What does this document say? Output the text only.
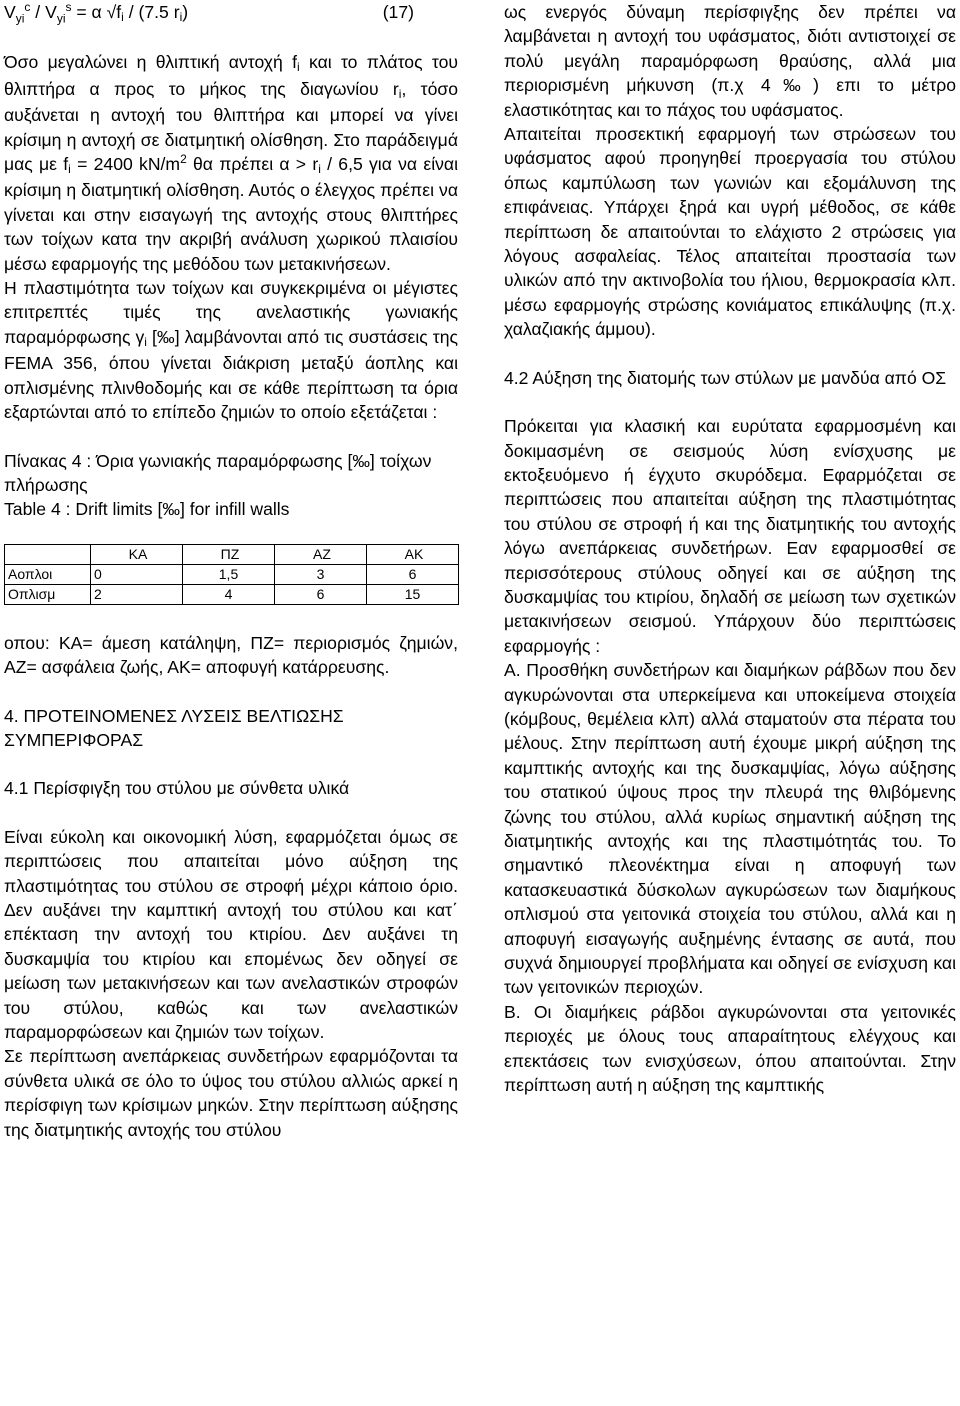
$V_{yi}^c / V_{yi}^s = \alpha$ √fi / (7.5 ri)	(17)

Όσο μεγαλώνει η θλιπτική αντοχή fi και το πλάτος του θλιπτήρα α προς το μήκος της διαγωνίου ri, τόσο αυξάνεται η αντοχή του θλιπτήρα και μπορεί να γίνει κρίσιμη η αντοχή σε διατμητική ολίσθηση. Στο παράδειγμά μας με fi = 2400 $kN/m^2$ θα πρέπει α > ri / 6,5 για να είναι κρίσιμη η διατμητική ολίσθηση. Αυτός ο έλεγχος πρέπει να γίνεται και στην εισαγωγή της αντοχής στους θλιπτήρες των τοίχων κατα την ακριβή ανάλυση χωρικού πλαισίου μέσω εφαρμογής της μεθόδου των μετακινήσεων.

Η πλαστιμότητα των τοίχων και συγκεκριμένα οι μέγιστες επιτρεπτές τιμές της ανελαστικής γωνιακής παραμόρφωσης γi [‰] λαμβάνονται από τις συστάσεις της FEMA 356, όπου γίνεται διάκριση μεταξύ άοπλης και οπλισμένης πλινθοδομής και σε κάθε περίπτωση τα όρια εξαρτώνται από το επίπεδο ζημιών το οποίο εξετάζεται :

Πίνακας 4 : Όρια γωνιακής παραμόρφωσης [‰] τοίχων πλήρωσης

Table 4 : Drift limits [‰] for infill walls

	ΚΑ	ΠΖ	ΑΖ	ΑΚ
Αοπλοι	0	1,5	3	6
Οπλισμ	2	4	6	15

οπου: ΚΑ= άμεση κατάληψη, ΠΖ= περιορισμός ζημιών, ΑΖ= ασφάλεια ζωής, ΑΚ= αποφυγή κατάρρευσης.

4. ΠΡΟΤΕΙΝΟΜΕΝΕΣ ΛΥΣΕΙΣ ΒΕΛΤΙΩΣΗΣ ΣΥΜΠΕΡΙΦΟΡΑΣ

4.1 Περίσφιγξη του στύλου με σύνθετα υλικά

Είναι εύκολη και οικονομική λύση, εφαρμόζεται όμως σε περιπτώσεις που απαιτείται μόνο αύξηση της πλαστιμότητας του στύλου σε στροφή μέχρι κάποιο όριο. Δεν αυξάνει την καμπτική αντοχή του στύλου και κατ΄ επέκταση την αντοχή του κτιρίου. Δεν αυξάνει τη δυσκαμψία του κτιρίου και επομένως δεν οδηγεί σε μείωση των μετακινήσεων και των ανελαστικών στροφών του στύλου, καθώς και των ανελαστικών παραμορφώσεων και ζημιών των τοίχων.

Σε περίπτωση ανεπάρκειας συνδετήρων εφαρμόζονται τα σύνθετα υλικά σε όλο το ύψος του στύλου αλλιώς αρκεί η περίσφιγη των κρίσιμων μηκών. Στην περίπτωση αύξησης της διατμητικής αντοχής του στύλου

ως ενεργός δύναμη περίσφιγξης δεν πρέπει να λαμβάνεται η αντοχή του υφάσματος, διότι αντιστοιχεί σε πολύ μεγάλη παραμόρφωση θραύσης, αλλά μια περιορισμένη μήκυνση (π.χ 4‰) επι το μέτρο ελαστικότητας και το πάχος του υφάσματος.

Απαιτείται προσεκτική εφαρμογή των στρώσεων του υφάσματος αφού προηγηθεί προεργασία του στύλου όπως καμπύλωση των γωνιών και εξομάλυνση της επιφάνειας. Υπάρχει ξηρά και υγρή μέθοδος, σε κάθε περίπτωση δε απαιτούνται το ελάχιστο 2 στρώσεις για λόγους ασφαλείας. Τέλος απαιτείται προστασία των υλικών από την ακτινοβολία του ήλιου, θερμοκρασία κλπ. μέσω εφαρμογής στρώσης κονιάματος επικάλυψης (π.χ. χαλαζιακής άμμου).

4.2 Αύξηση της διατομής των στύλων με μανδύα από ΟΣ

Πρόκειται για κλασική και ευρύτατα εφαρμοσμένη και δοκιμασμένη σε σεισμούς λύση ενίσχυσης με εκτοξευόμενο ή έγχυτο σκυρόδεμα. Εφαρμόζεται σε περιπτώσεις που απαιτείται αύξηση της πλαστιμότητας του στύλου σε στροφή ή και της διατμητικής του αντοχής λόγω ανεπάρκειας συνδετήρων. Εαν εφαρμοσθεί σε περισσότερους στύλους οδηγεί και σε αύξηση της δυσκαμψίας του κτιρίου, δηλαδή σε μείωση των σχετικών μετακινήσεων σεισμού. Υπάρχουν δύο περιπτώσεις εφαρμογής :

Α. Προσθήκη συνδετήρων και διαμήκων ράβδων που δεν αγκυρώνονται στα υπερκείμενα και υποκείμενα στοιχεία (κόμβους, θεμέλεια κλπ) αλλά σταματούν στα πέρατα του μέλους. Στην περίπτωση αυτή έχουμε μικρή αύξηση της καμπτικής αντοχής και της δυσκαμψίας, λόγω αύξησης του στατικού ύψους προς την πλευρά της θλιβόμενης ζώνης του στύλου, αλλά κυρίως σημαντική αύξηση της διατμητικής αντοχής και της πλαστιμότητάς του. Το σημαντικό πλεονέκτημα είναι η αποφυγή των κατασκευαστικά δύσκολων αγκυρώσεων των διαμήκους οπλισμού στα γειτονικά στοιχεία του στύλου, αλλά και η αποφυγή εισαγωγής αυξημένης έντασης σε αυτά, που συχνά δημιουργεί προβλήματα και οδηγεί σε ενίσχυση και των γειτονικών περιοχών.

Β. Οι διαμήκεις ράβδοι αγκυρώνονται στα γειτονικές περιοχές με όλους τους απαραίτητους ελέγχους και επεκτάσεις των ενισχύσεων, όπου απαιτούνται. Στην περίπτωση αυτή η αύξηση της καμπτικής
